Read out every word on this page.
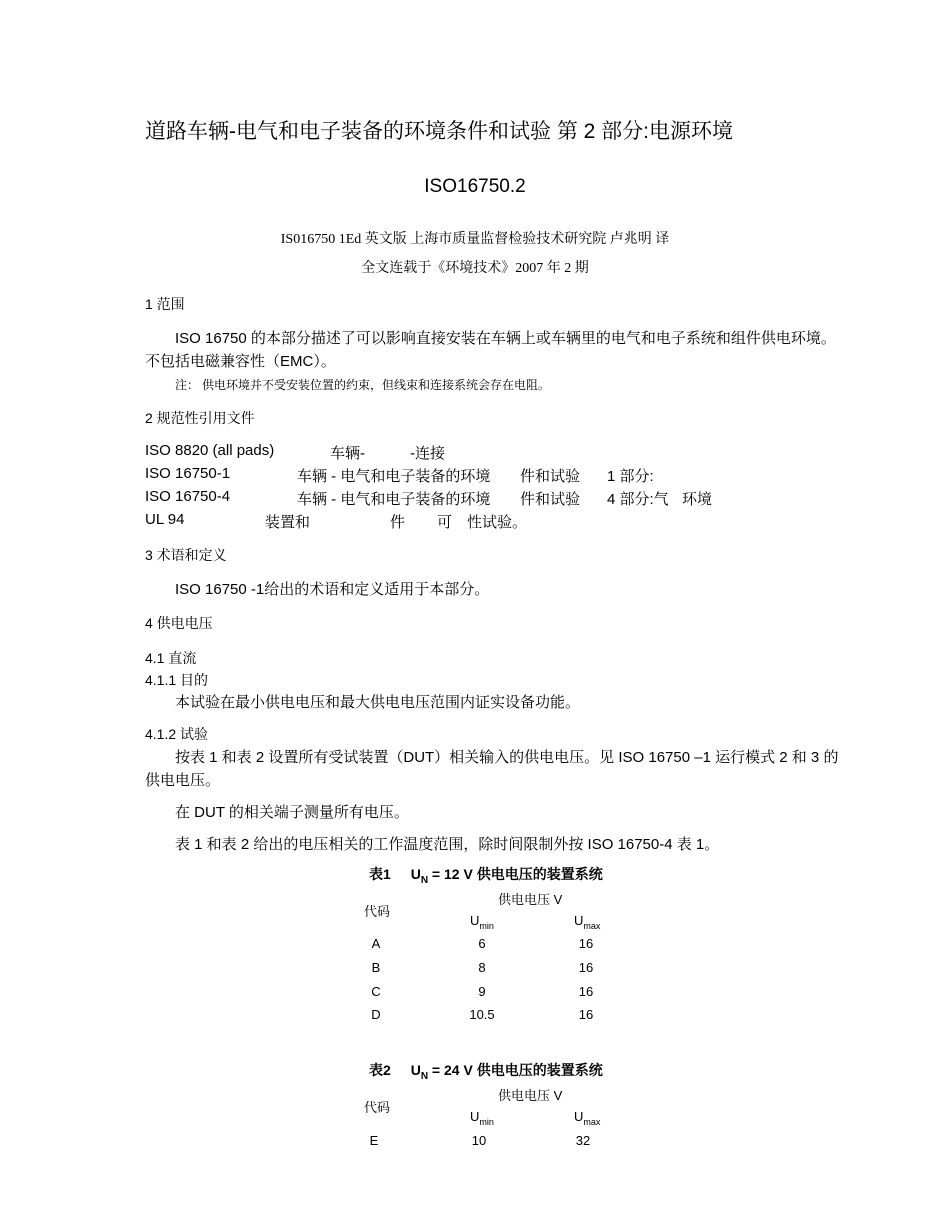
道路车辆-电气和电子装备的环境条件和试验 第 2 部分:电源环境
ISO16750.2
IS016750 1Ed 英文版 上海市质量监督检验技术研究院 卢兆明 译
全文连载于《环境技术》2007 年 2 期
1 范围
ISO 16750 的本部分描述了可以影响直接安装在车辆上或车辆里的电气和电子系统和组件供电环境。
不包括电磁兼容性（EMC）。
注： 供电环境并不受安装位置的约束，但线束和连接系统会存在电阻。
2 规范性引用文件
ISO 8820 (all pads)	车辆-	-连接
ISO 16750-1	车辆 - 电气和电子装备的环境 件和试验 1 部分:
ISO 16750-4	车辆 - 电气和电子装备的环境 件和试验 4 部分:气 环境
UL 94	装置和	件 可 性试验。
3 术语和定义
ISO 16750 -1给出的术语和定义适用于本部分。
4 供电电压
4.1 直流
4.1.1 目的
本试验在最小供电电压和最大供电电压范围内证实设备功能。
4.1.2 试验
按表 1 和表 2 设置所有受试装置（DUT）相关输入的供电电压。见 ISO 16750 –1 运行模式 2 和 3 的
供电电压。
在 DUT 的相关端子测量所有电压。
表 1 和表 2 给出的电压相关的工作温度范围，除时间限制外按 ISO 16750-4 表 1。
表1 $U_N = 12$ V 供电电压的装置系统
供电电压 V
代码
$U_{min}$	$U_{max}$
A	6	16
B	8	16
C	9	16
D	10.5	16
表2 $U_N = 24$ V 供电电压的装置系统
供电电压 V
代码
$U_{min}$	$U_{max}$
E	10	32
